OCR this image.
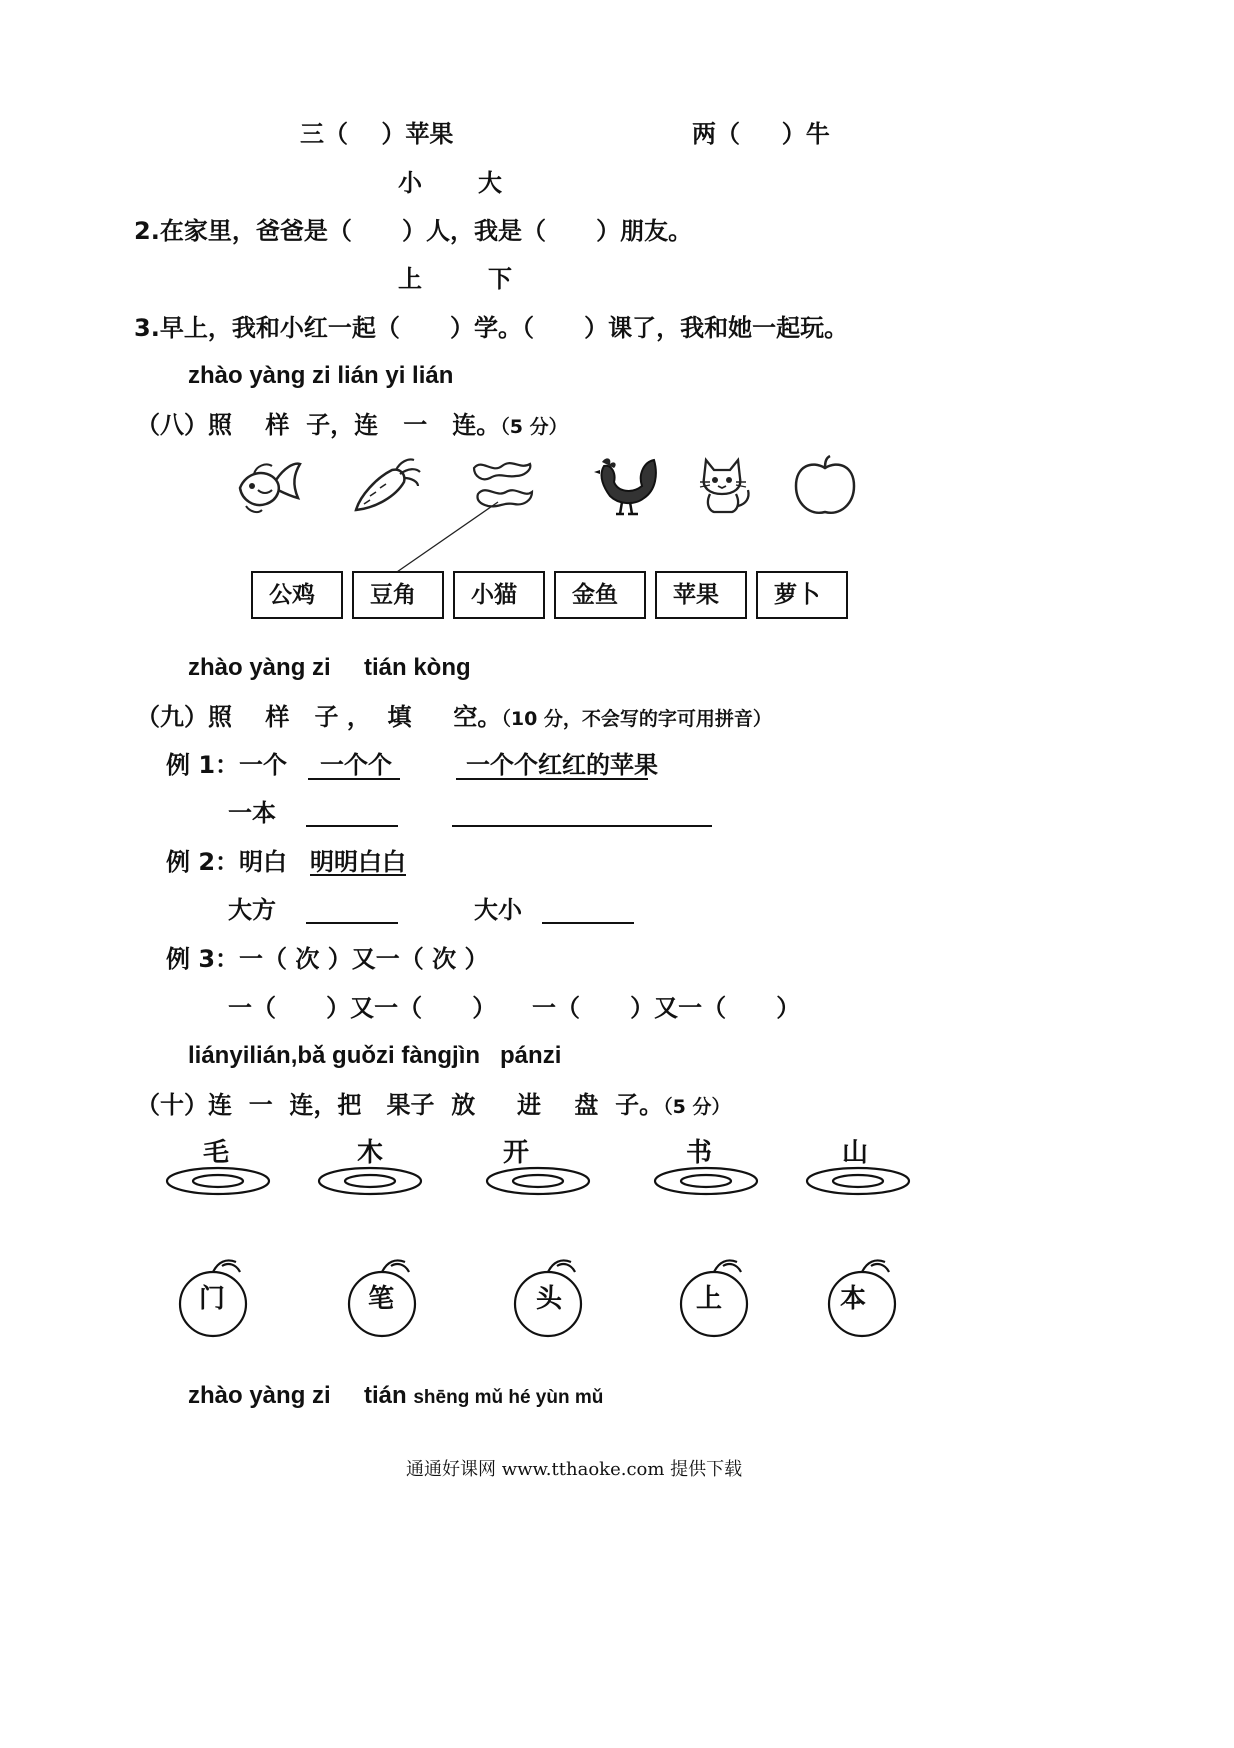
三（    ）苹果	两（     ）牛
小 大
2.在家里，爸爸是（      ）人，我是（      ）朋友。
上	下
3.早上，我和小红一起（      ）学。（      ）课了，我和她一起玩。
zhào yàng zi lián yi lián
（八）照    样  子，连   一   连。（5 分）
公鸡	豆角	小猫	金鱼	苹果	萝卜
zhào yàng zi tián kòng
（九）照    样   子 ，  填     空。（10 分，不会写的字可用拼音）
例 1：一个 一个个	一个个红红的苹果
一本
例 2：明白 明明白白
大方	大小
例 3：一（ 次 ）又一（ 次 ）
一（      ）又一（      ） 一（      ）又一（      ）
liányilián,bǎ guǒzi fàngjìn   pánzi
（十）连  一  连，把   果子  放     进    盘  子。（5 分）
毛	木	开	书	山
门	笔	头	上	本
zhào yàng zi tián shēng mǔ hé yùn mǔ
通通好课网 www.tthaoke.com 提供下载
